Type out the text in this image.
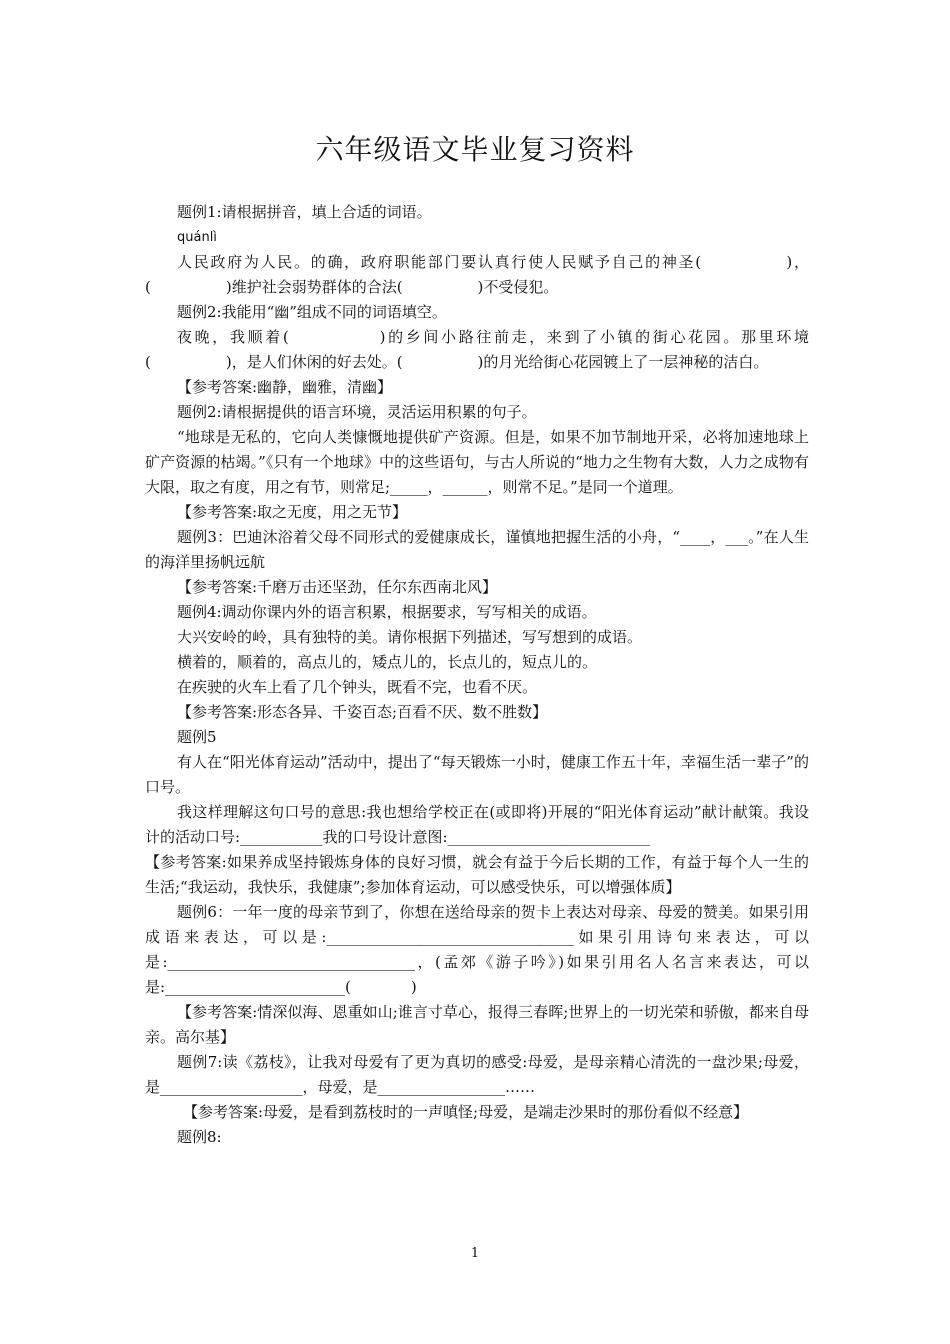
六年级语文毕业复习资料

题例1:请根据拼音，填上合适的词语。

quánlì

人民政府为人民。的确，政府职能部门要认真行使人民赋予自己的神圣(　　　　　)，(　　　　　)维护社会弱势群体的合法(　　　　　)不受侵犯。

题例2:我能用“幽”组成不同的词语填空。

夜晚，我顺着(　　　　　)的乡间小路往前走，来到了小镇的街心花园。那里环境(　　　　　)，是人们休闲的好去处。(　　　　　)的月光给街心花园镀上了一层神秘的洁白。

【参考答案:幽静，幽雅，清幽】

题例2:请根据提供的语言环境，灵活运用积累的句子。

“地球是无私的，它向人类慷慨地提供矿产资源。但是，如果不加节制地开采，必将加速地球上矿产资源的枯竭。”《只有一个地球》中的这些语句，与古人所说的“地力之生物有大数，人力之成物有大限，取之有度，用之有节，则常足;_____，______，则常不足。”是同一个道理。

【参考答案:取之无度，用之无节】

题例3：巴迪沐浴着父母不同形式的爱健康成长，谨慎地把握生活的小舟，“____，___。”在人生的海洋里扬帆远航

【参考答案:千磨万击还坚劲，任尔东西南北风】

题例4:调动你课内外的语言积累，根据要求，写写相关的成语。

大兴安岭的岭，具有独特的美。请你根据下列描述，写写想到的成语。

横着的，顺着的，高点儿的，矮点儿的，长点儿的，短点儿的。

在疾驶的火车上看了几个钟头，既看不完，也看不厌。

【参考答案:形态各异、千姿百态;百看不厌、数不胜数】

题例5

有人在“阳光体育运动”活动中，提出了“每天锻炼一小时，健康工作五十年，幸福生活一辈子”的口号。

我这样理解这句口号的意思:我也想给学校正在(或即将)开展的“阳光体育运动”献计献策。我设计的活动口号:___________我的口号设计意图:___________________________

【参考答案:如果养成坚持锻炼身体的良好习惯，就会有益于今后长期的工作，有益于每个人一生的生活;“我运动，我快乐，我健康”;参加体育运动，可以感受快乐，可以增强体质】

题例6：一年一度的母亲节到了，你想在送给母亲的贺卡上表达对母亲、母爱的赞美。如果引用成语来表达，可以是:_________________________________如果引用诗句来表达，可以是:_________________________________，(孟郊《游子吟》)如果引用名人名言来表达，可以是:________________________(　　　　)

【参考答案:情深似海、恩重如山;谁言寸草心，报得三春晖;世界上的一切光荣和骄傲，都来自母亲。高尔基】

题例7:读《荔枝》，让我对母爱有了更为真切的感受:母爱，是母亲精心清洗的一盘沙果;母爱，是___________________，母爱，是_________________……

【参考答案:母爱，是看到荔枝时的一声嗔怪;母爱，是端走沙果时的那份看似不经意】

题例8:

1
